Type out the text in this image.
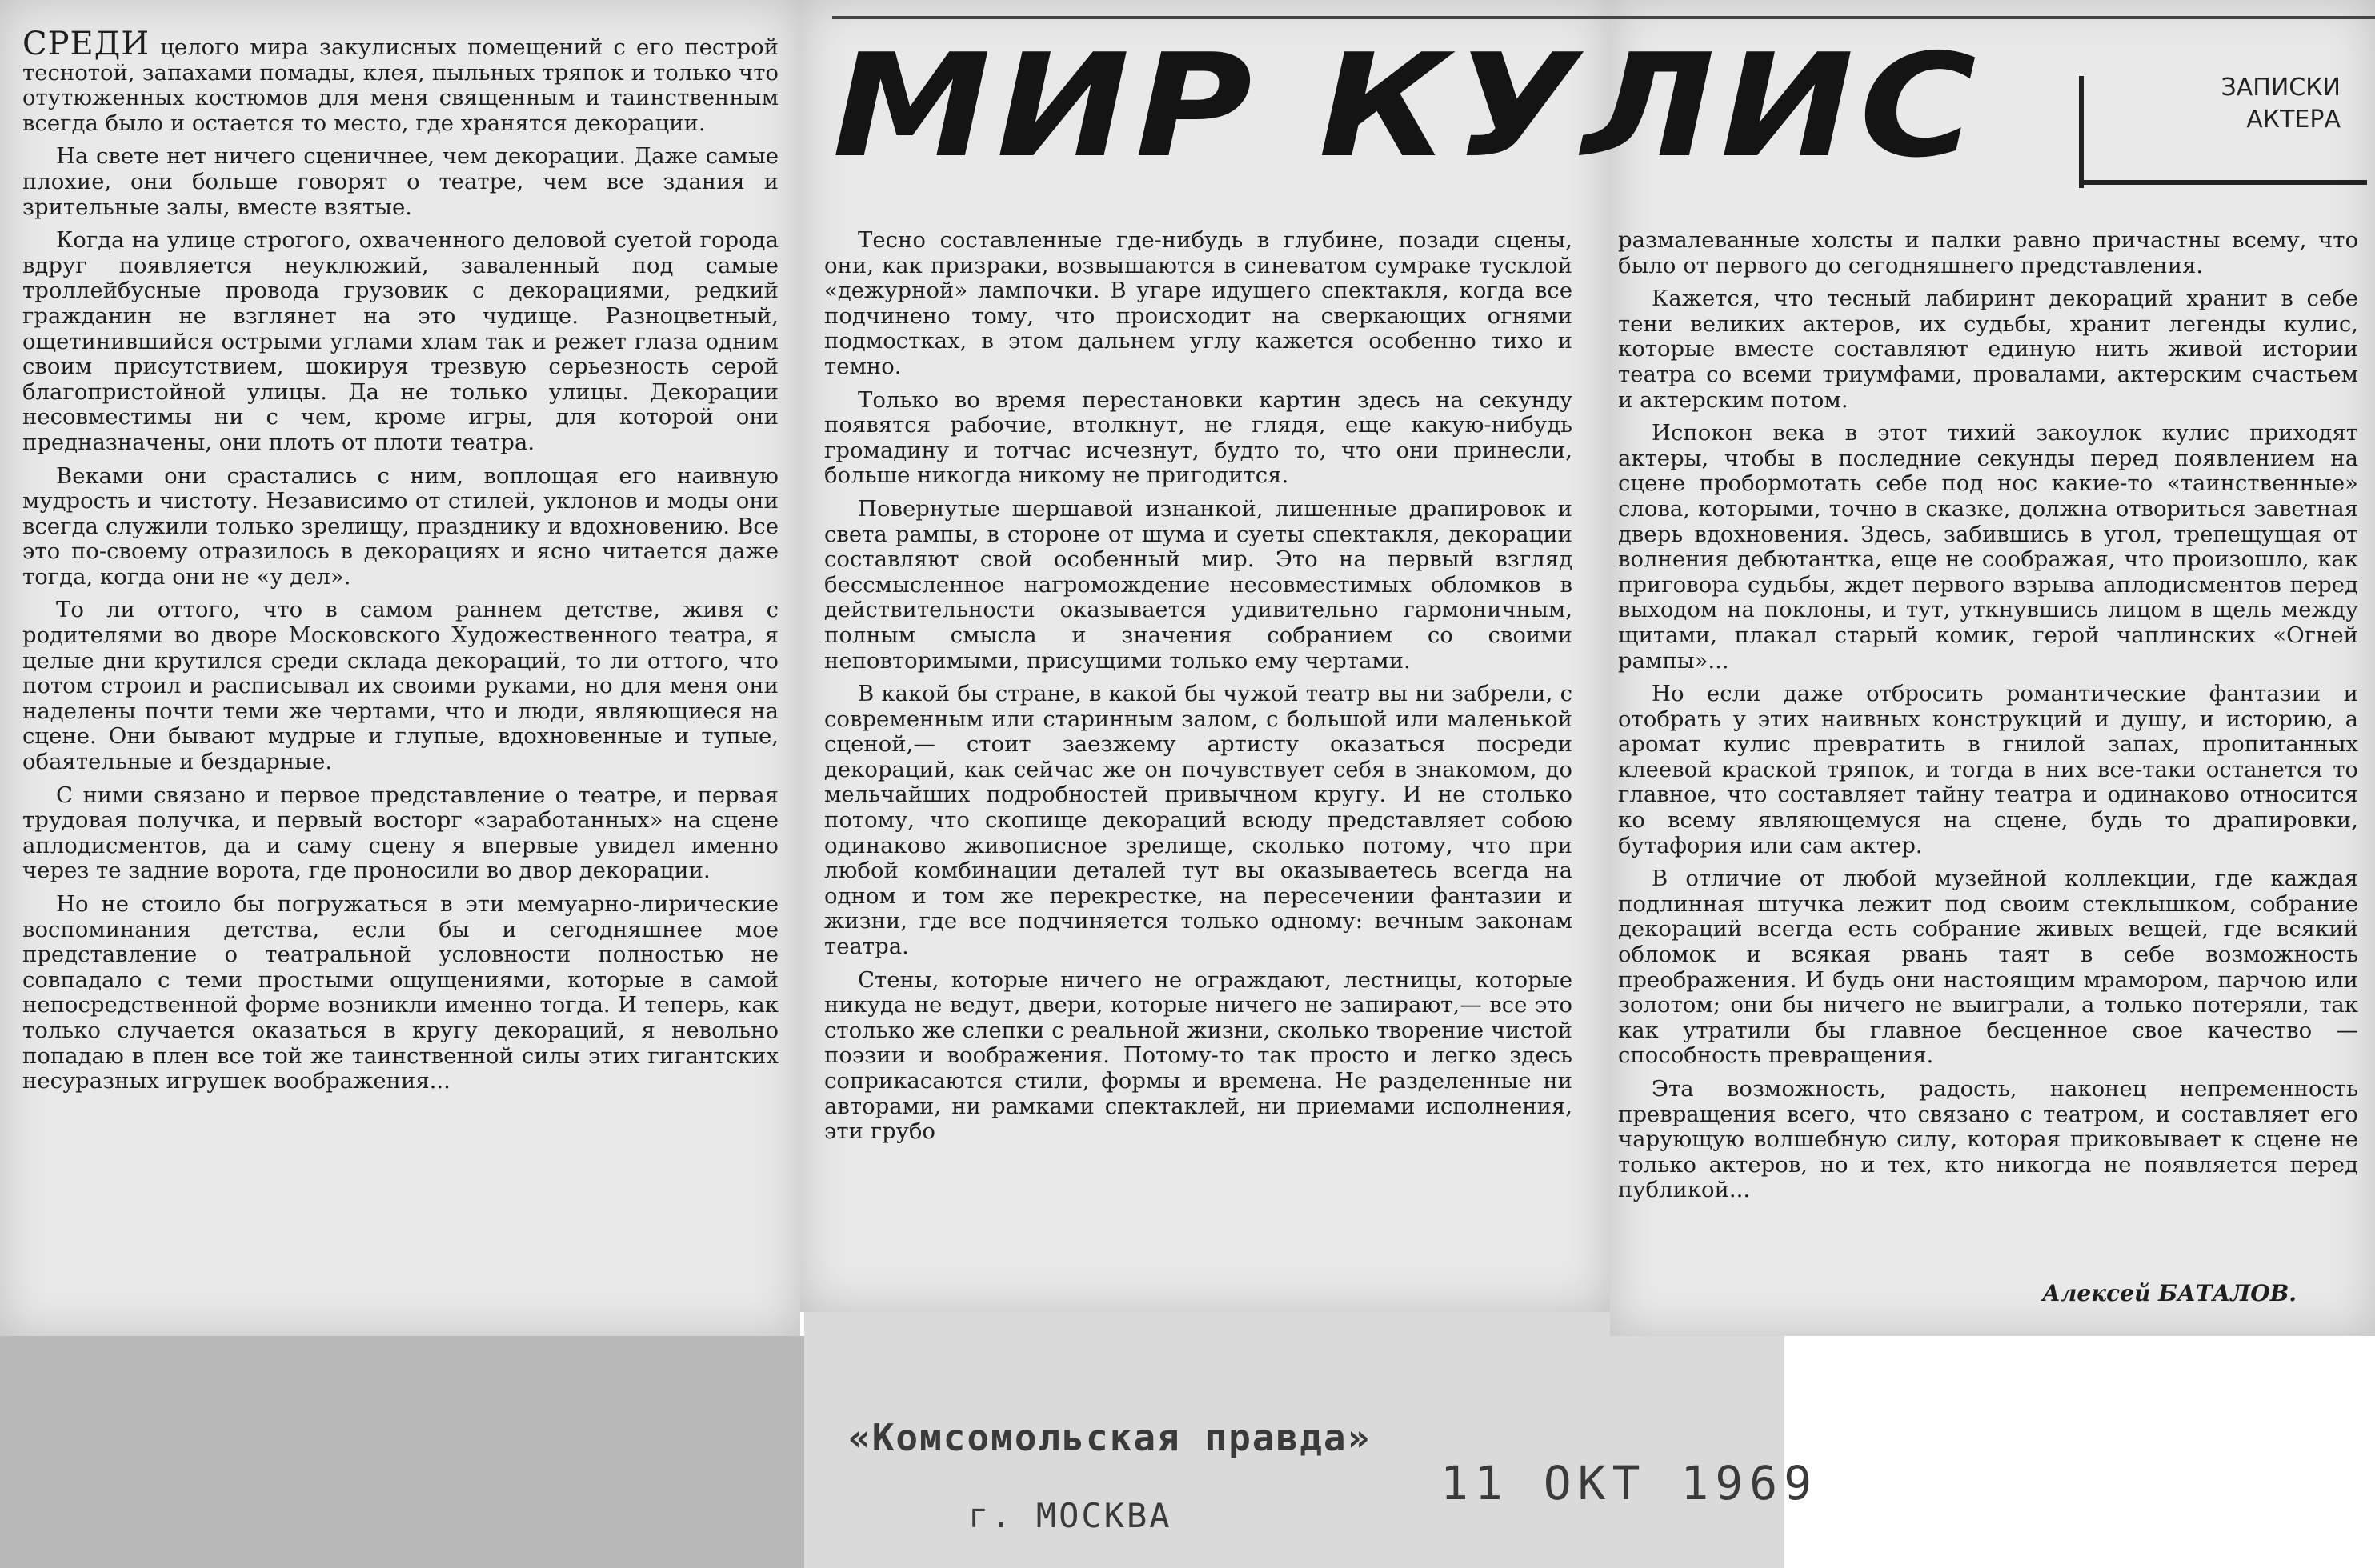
МИР КУЛИС	ЗАПИСКИ
АКТЕРА

СРЕДИ целого мира закулисных помещений с его пестрой теснотой, запахами помады, клея, пыльных тряпок и только что отутюженных костюмов для меня священным и таинственным всегда было и остается то место, где хранятся декорации.

На свете нет ничего сценичнее, чем декорации. Даже самые плохие, они больше говорят о театре, чем все здания и зрительные залы, вместе взятые.

Когда на улице строгого, охваченного деловой суетой города вдруг появляется неуклюжий, заваленный под самые троллейбусные провода грузовик с декорациями, редкий гражданин не взглянет на это чудище. Разноцветный, ощетинившийся острыми углами хлам так и режет глаза одним своим присутствием, шокируя трезвую серьезность серой благопристойной улицы. Да не только улицы. Декорации несовместимы ни с чем, кроме игры, для которой они предназначены, они плоть от плоти театра.

Веками они срастались с ним, воплощая его наивную мудрость и чистоту. Независимо от стилей, уклонов и моды они всегда служили только зрелищу, празднику и вдохновению. Все это по-своему отразилось в декорациях и ясно читается даже тогда, когда они не «у дел».

То ли оттого, что в самом раннем детстве, живя с родителями во дворе Московского Художественного театра, я целые дни крутился среди склада декораций, то ли оттого, что потом строил и расписывал их своими руками, но для меня они наделены почти теми же чертами, что и люди, являющиеся на сцене. Они бывают мудрые и глупые, вдохновенные и тупые, обаятельные и бездарные.

С ними связано и первое представление о театре, и первая трудовая получка, и первый восторг «заработанных» на сцене аплодисментов, да и саму сцену я впервые увидел именно через те задние ворота, где проносили во двор декорации.

Но не стоило бы погружаться в эти мемуарно-лирические воспоминания детства, если бы и сегодняшнее мое представление о театральной условности полностью не совпадало с теми простыми ощущениями, которые в самой непосредственной форме возникли именно тогда. И теперь, как только случается оказаться в кругу декораций, я невольно попадаю в плен все той же таинственной силы этих гигантских несуразных игрушек воображения...

Тесно составленные где-нибудь в глубине, позади сцены, они, как призраки, возвышаются в синеватом сумраке тусклой «дежурной» лампочки. В угаре идущего спектакля, когда все подчинено тому, что происходит на сверкающих огнями подмостках, в этом дальнем углу кажется особенно тихо и темно.

Только во время перестановки картин здесь на секунду появятся рабочие, втолкнут, не глядя, еще какую-нибудь громадину и тотчас исчезнут, будто то, что они принесли, больше никогда никому не пригодится.

Повернутые шершавой изнанкой, лишенные драпировок и света рампы, в стороне от шума и суеты спектакля, декорации составляют свой особенный мир. Это на первый взгляд бессмысленное нагромождение несовместимых обломков в действительности оказывается удивительно гармоничным, полным смысла и значения собранием со своими неповторимыми, присущими только ему чертами.

В какой бы стране, в какой бы чужой театр вы ни забрели, с современным или старинным залом, с большой или маленькой сценой,— стоит заезжему артисту оказаться посреди декораций, как сейчас же он почувствует себя в знакомом, до мельчайших подробностей привычном кругу. И не столько потому, что скопище декораций всюду представляет собою одинаково живописное зрелище, сколько потому, что при любой комбинации деталей тут вы оказываетесь всегда на одном и том же перекрестке, на пересечении фантазии и жизни, где все подчиняется только одному: вечным законам театра.

Стены, которые ничего не ограждают, лестницы, которые никуда не ведут, двери, которые ничего не запирают,— все это столько же слепки с реальной жизни, сколько творение чистой поэзии и воображения. Потому-то так просто и легко здесь соприкасаются стили, формы и времена. Не разделенные ни авторами, ни рамками спектаклей, ни приемами исполнения, эти грубо

размалеванные холсты и палки равно причастны всему, что было от первого до сегодняшнего представления.

Кажется, что тесный лабиринт декораций хранит в себе тени великих актеров, их судьбы, хранит легенды кулис, которые вместе составляют единую нить живой истории театра со всеми триумфами, провалами, актерским счастьем и актерским потом.

Испокон века в этот тихий закоулок кулис приходят актеры, чтобы в последние секунды перед появлением на сцене пробормотать себе под нос какие-то «таинственные» слова, которыми, точно в сказке, должна отвориться заветная дверь вдохновения. Здесь, забившись в угол, трепещущая от волнения дебютантка, еще не соображая, что произошло, как приговора судьбы, ждет первого взрыва аплодисментов перед выходом на поклоны, и тут, уткнувшись лицом в щель между щитами, плакал старый комик, герой чаплинских «Огней рампы»...

Но если даже отбросить романтические фантазии и отобрать у этих наивных конструкций и душу, и историю, а аромат кулис превратить в гнилой запах, пропитанных клеевой краской тряпок, и тогда в них все-таки останется то главное, что составляет тайну театра и одинаково относится ко всему являющемуся на сцене, будь то драпировки, бутафория или сам актер.

В отличие от любой музейной коллекции, где каждая подлинная штучка лежит под своим стеклышком, собрание декораций всегда есть собрание живых вещей, где всякий обломок и всякая рвань таят в себе возможность преображения. И будь они настоящим мрамором, парчою или золотом; они бы ничего не выиграли, а только потеряли, так как утратили бы главное бесценное свое качество — способность превращения.

Эта возможность, радость, наконец непременность превращения всего, что связано с театром, и составляет его чарующую волшебную силу, которая приковывает к сцене не только актеров, но и тех, кто никогда не появляется перед публикой...

Алексей БАТАЛОВ.
«Комсомольская правда»
г. МОСКВА
11 ОКТ 1969
